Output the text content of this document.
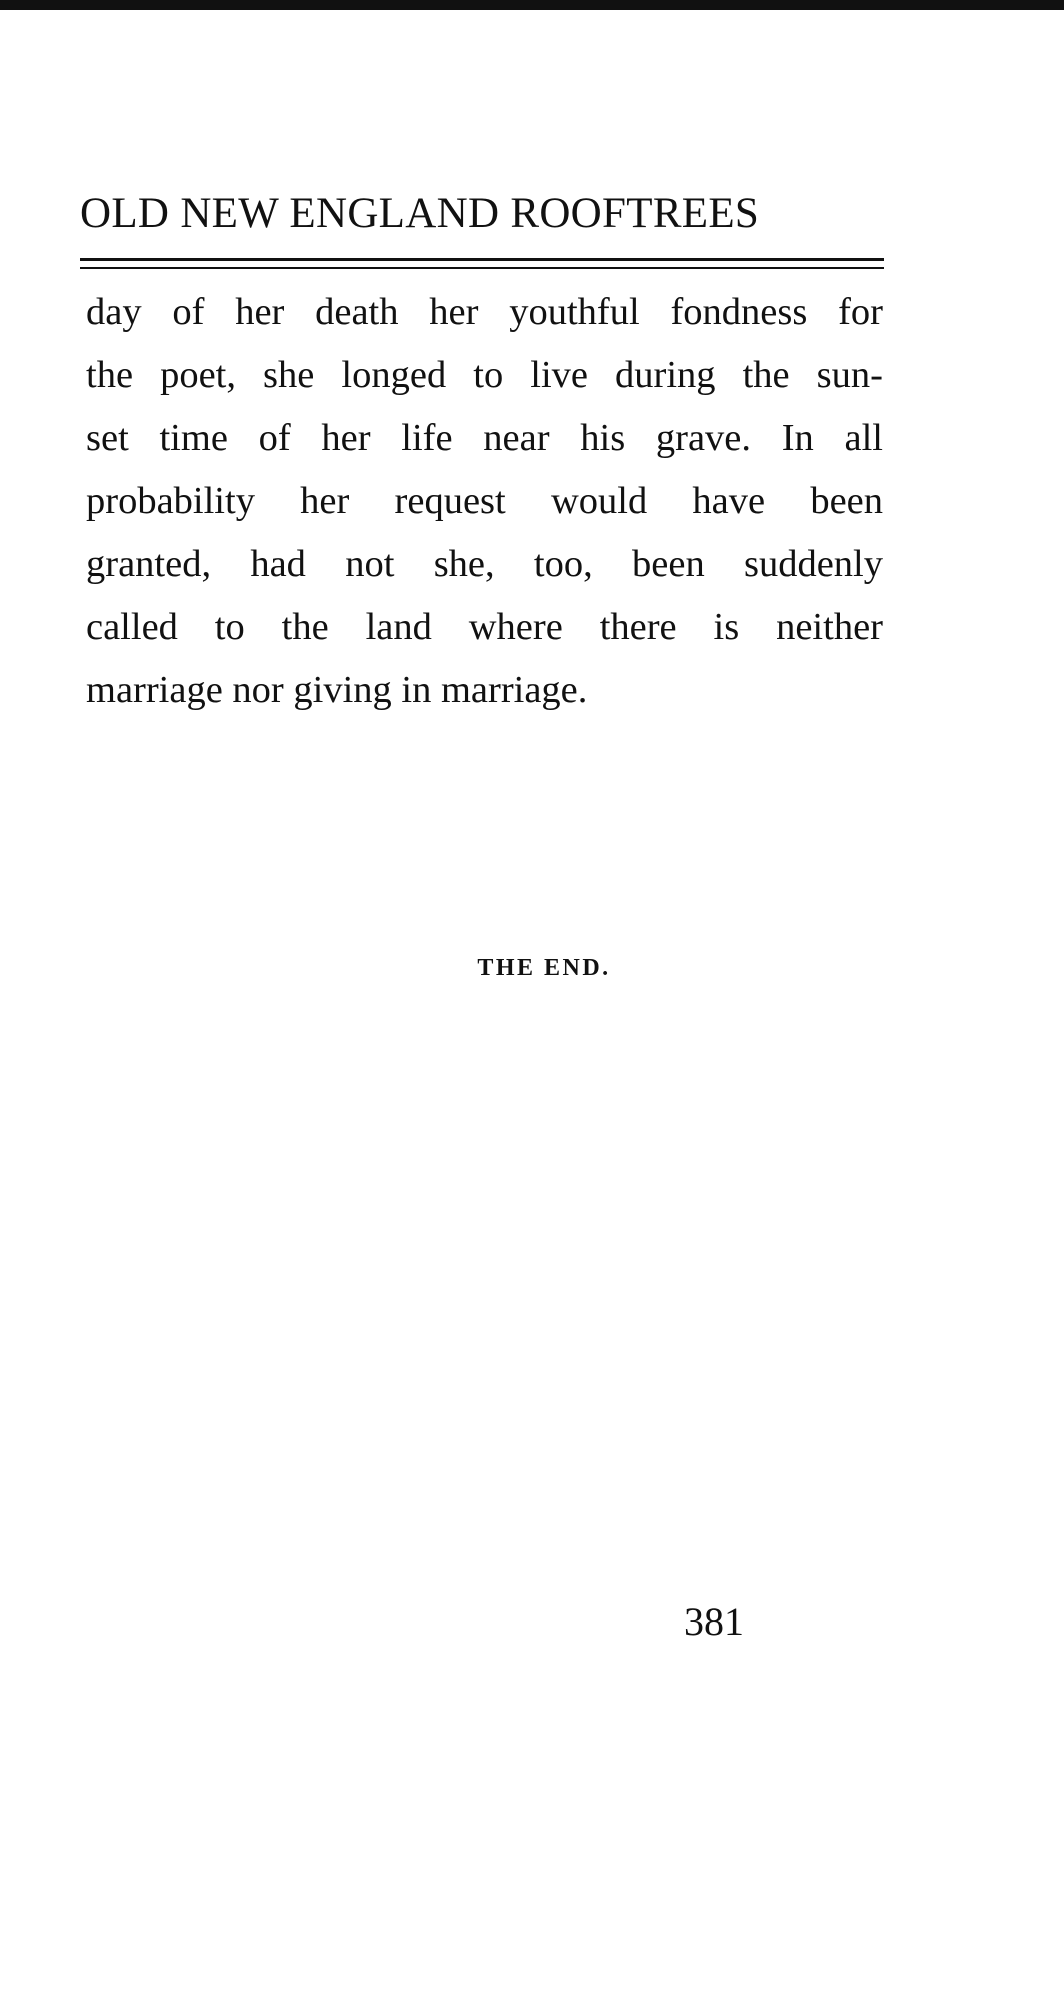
OLD NEW ENGLAND ROOFTREES
day of her death her youthful fondness for
the poet, she longed to live during the sun-
set time of her life near his grave. In all
probability her request would have been
granted, had not she, too, been suddenly
called to the land where there is neither
marriage nor giving in marriage.
THE END.
381
